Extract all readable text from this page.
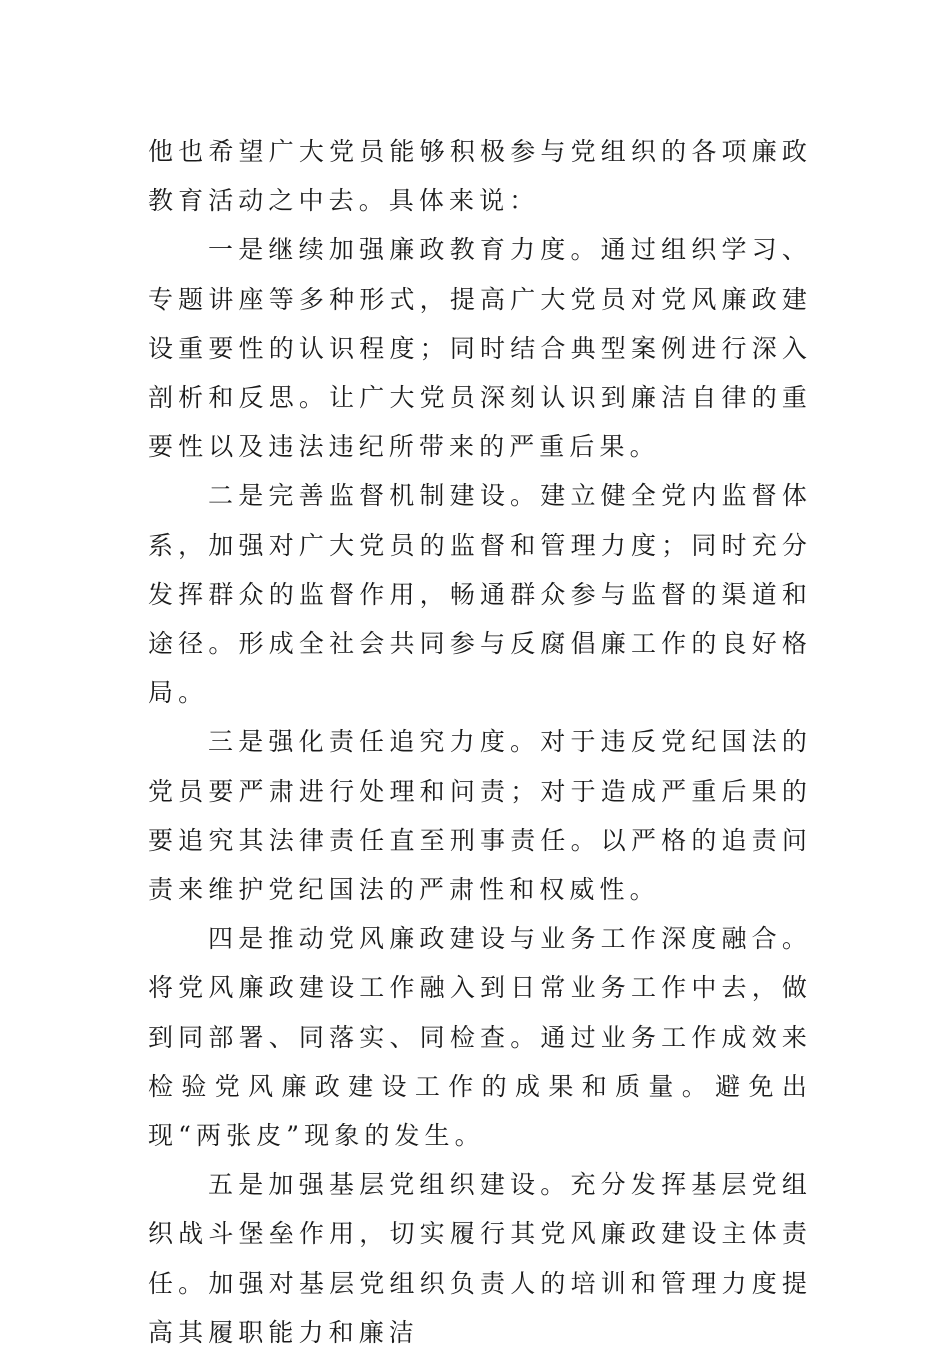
他也希望广大党员能够积极参与党组织的各项廉政教育活动之中去。具体来说：

一是继续加强廉政教育力度。通过组织学习、专题讲座等多种形式，提高广大党员对党风廉政建设重要性的认识程度；同时结合典型案例进行深入剖析和反思。让广大党员深刻认识到廉洁自律的重要性以及违法违纪所带来的严重后果。

二是完善监督机制建设。建立健全党内监督体系，加强对广大党员的监督和管理力度；同时充分发挥群众的监督作用，畅通群众参与监督的渠道和途径。形成全社会共同参与反腐倡廉工作的良好格局。

三是强化责任追究力度。对于违反党纪国法的党员要严肃进行处理和问责；对于造成严重后果的要追究其法律责任直至刑事责任。以严格的追责问责来维护党纪国法的严肃性和权威性。

四是推动党风廉政建设与业务工作深度融合。将党风廉政建设工作融入到日常业务工作中去，做到同部署、同落实、同检查。通过业务工作成效来检验党风廉政建设工作的成果和质量。避免出现“两张皮”现象的发生。

五是加强基层党组织建设。充分发挥基层党组织战斗堡垒作用，切实履行其党风廉政建设主体责任。加强对基层党组织负责人的培训和管理力度提高其履职能力和廉洁
